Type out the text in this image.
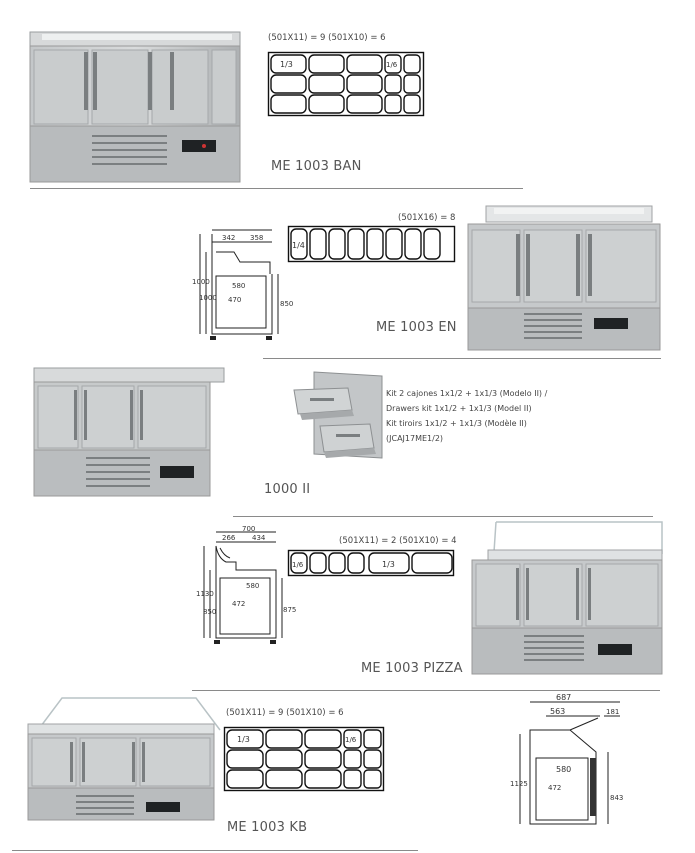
(501X11) = 9 (501X10) = 6
1/3	1/6
ME 1003 BAN
342 358
580
1000
470
1000
850
(501X16) = 8
1/4
ME 1003 EN
Kit 2 cajones 1x1/2 + 1x1/3 (Modelo II) /
Drawers kit 1x1/2 + 1x1/3 (Model II)
Kit tiroirs 1x1/2 + 1x1/3 (Modèle II)
(JCAJ17ME1/2)
1000 II
700
266 434
580
472
1130
850	875
(501X11) = 2 (501X10) = 4
1/6	1/3
ME 1003 PIZZA
(501X11) = 9 (501X10) = 6
1/3	1/6
687
563	181
580
472
1125
843
ME 1003 KB
